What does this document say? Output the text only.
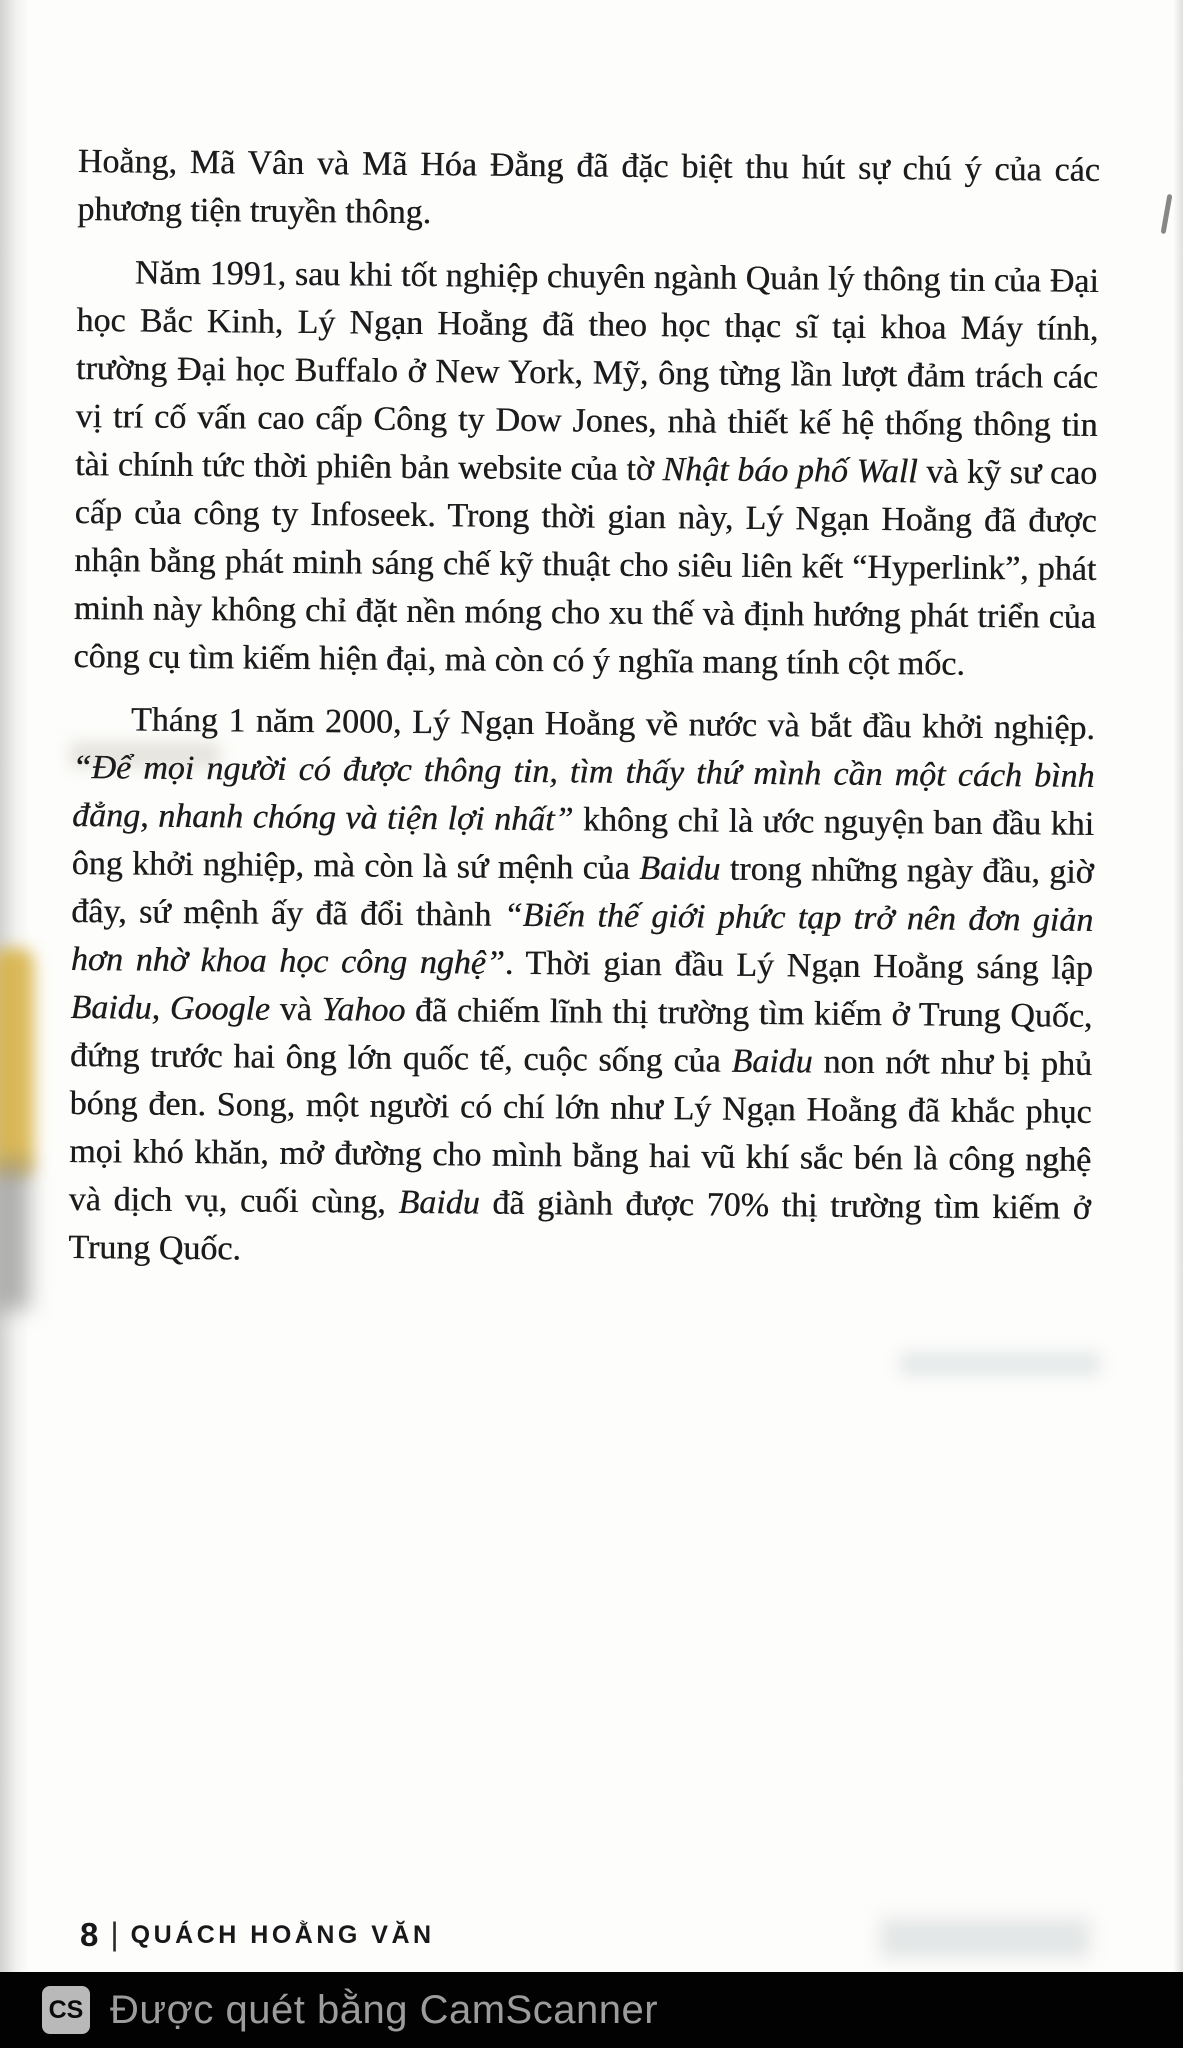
Hoằng, Mã Vân và Mã Hóa Đằng đã đặc biệt thu hút sự chú ý của các phương tiện truyền thông.

Năm 1991, sau khi tốt nghiệp chuyên ngành Quản lý thông tin của Đại học Bắc Kinh, Lý Ngạn Hoằng đã theo học thạc sĩ tại khoa Máy tính, trường Đại học Buffalo ở New York, Mỹ, ông từng lần lượt đảm trách các vị trí cố vấn cao cấp Công ty Dow Jones, nhà thiết kế hệ thống thông tin tài chính tức thời phiên bản website của tờ Nhật báo phố Wall và kỹ sư cao cấp của công ty Infoseek. Trong thời gian này, Lý Ngạn Hoằng đã được nhận bằng phát minh sáng chế kỹ thuật cho siêu liên kết “Hyperlink”, phát minh này không chỉ đặt nền móng cho xu thế và định hướng phát triển của công cụ tìm kiếm hiện đại, mà còn có ý nghĩa mang tính cột mốc.

Tháng 1 năm 2000, Lý Ngạn Hoằng về nước và bắt đầu khởi nghiệp. “Để mọi người có được thông tin, tìm thấy thứ mình cần một cách bình đẳng, nhanh chóng và tiện lợi nhất” không chỉ là ước nguyện ban đầu khi ông khởi nghiệp, mà còn là sứ mệnh của Baidu trong những ngày đầu, giờ đây, sứ mệnh ấy đã đổi thành “Biến thế giới phức tạp trở nên đơn giản hơn nhờ khoa học công nghệ”. Thời gian đầu Lý Ngạn Hoằng sáng lập Baidu, Google và Yahoo đã chiếm lĩnh thị trường tìm kiếm ở Trung Quốc, đứng trước hai ông lớn quốc tế, cuộc sống của Baidu non nớt như bị phủ bóng đen. Song, một người có chí lớn như Lý Ngạn Hoằng đã khắc phục mọi khó khăn, mở đường cho mình bằng hai vũ khí sắc bén là công nghệ và dịch vụ, cuối cùng, Baidu đã giành được 70% thị trường tìm kiếm ở Trung Quốc.

8 | QUÁCH HOẰNG VĂN
CS Được quét bằng CamScanner
